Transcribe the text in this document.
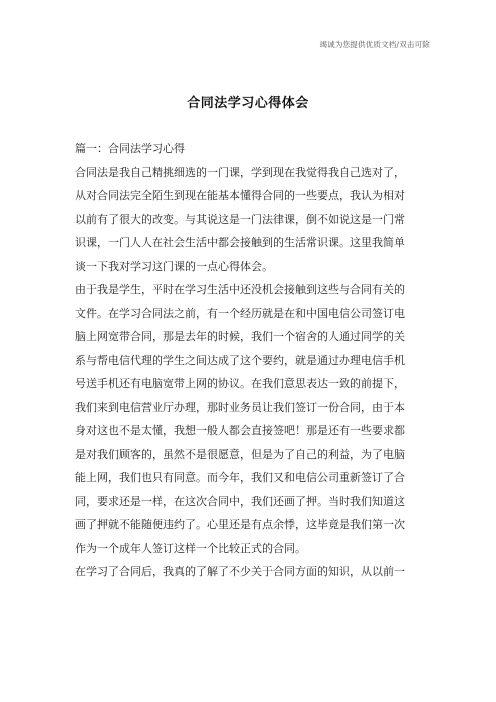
竭诚为您提供优质文档/双击可除
合同法学习心得体会

篇一：合同法学习心得

合同法是我自己精挑细选的一门课，学到现在我觉得我自己选对了，
从对合同法完全陌生到现在能基本懂得合同的一些要点，我认为相对
以前有了很大的改变。与其说这是一门法律课，倒不如说这是一门常
识课，一门人人在社会生活中都会接触到的生活常识课。这里我简单
谈一下我对学习这门课的一点心得体会。
由于我是学生，平时在学习生活中还没机会接触到这些与合同有关的
文件。在学习合同法之前，有一个经历就是在和中国电信公司签订电
脑上网宽带合同，那是去年的时候，我们一个宿舍的人通过同学的关
系与帮电信代理的学生之间达成了这个要约，就是通过办理电信手机
号送手机还有电脑宽带上网的协议。在我们意思表达一致的前提下，
我们来到电信营业厅办理，那时业务员让我们签订一份合同，由于本
身对这也不是太懂，我想一般人都会直接签吧！那是还有一些要求都
是对我们顾客的，虽然不是很愿意，但是为了自己的利益，为了电脑
能上网，我们也只有同意。而今年，我们又和电信公司重新签订了合
同，要求还是一样，在这次合同中，我们还画了押。当时我们知道这
画了押就不能随便违约了。心里还是有点余悸，这毕竟是我们第一次
作为一个成年人签订这样一个比较正式的合同。
在学习了合同后，我真的了解了不少关于合同方面的知识，从以前一
